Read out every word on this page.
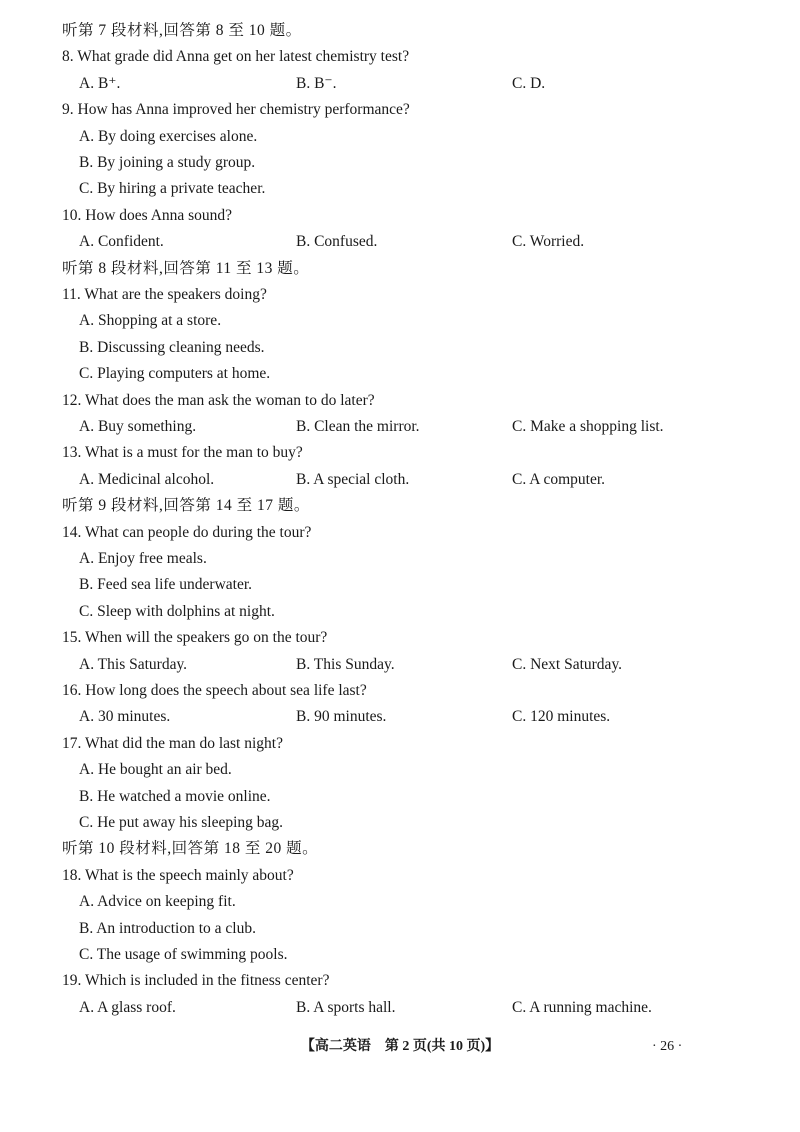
听第 7 段材料,回答第 8 至 10 题。
8. What grade did Anna get on her latest chemistry test?
A. B⁺.	B. B⁻.	C. D.
9. How has Anna improved her chemistry performance?
A. By doing exercises alone.
B. By joining a study group.
C. By hiring a private teacher.
10. How does Anna sound?
A. Confident.	B. Confused.	C. Worried.
听第 8 段材料,回答第 11 至 13 题。
11. What are the speakers doing?
A. Shopping at a store.
B. Discussing cleaning needs.
C. Playing computers at home.
12. What does the man ask the woman to do later?
A. Buy something.	B. Clean the mirror.	C. Make a shopping list.
13. What is a must for the man to buy?
A. Medicinal alcohol.	B. A special cloth.	C. A computer.
听第 9 段材料,回答第 14 至 17 题。
14. What can people do during the tour?
A. Enjoy free meals.
B. Feed sea life underwater.
C. Sleep with dolphins at night.
15. When will the speakers go on the tour?
A. This Saturday.	B. This Sunday.	C. Next Saturday.
16. How long does the speech about sea life last?
A. 30 minutes.	B. 90 minutes.	C. 120 minutes.
17. What did the man do last night?
A. He bought an air bed.
B. He watched a movie online.
C. He put away his sleeping bag.
听第 10 段材料,回答第 18 至 20 题。
18. What is the speech mainly about?
A. Advice on keeping fit.
B. An introduction to a club.
C. The usage of swimming pools.
19. Which is included in the fitness center?
A. A glass roof.	B. A sports hall.	C. A running machine.
【高二英语　第 2 页(共 10 页)】	· 26 ·
